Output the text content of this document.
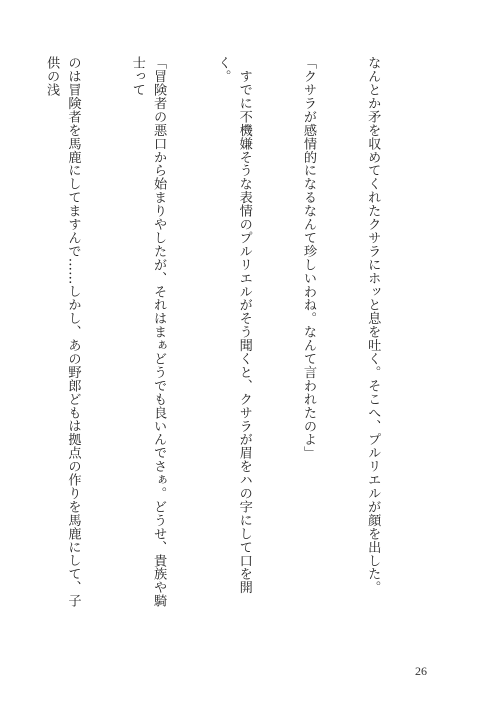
なんとか矛を収めてくれたクサラにホッと息を吐く。そこへ、プルリエルが顔を出した。

「クサラが感情的になるなんて珍しいわね。なんて言われたのよ」

　すでに不機嫌そうな表情のプルリエルがそう聞くと、クサラが眉をハの字にして口を開く。

「冒険者の悪口から始まりやしたが、それはまぁどうでも良いんでさぁ。どうせ、貴族や騎士って

のは冒険者を馬鹿にしてますんで……しかし、あの野郎どもは拠点の作りを馬鹿にして、子供の浅

26
